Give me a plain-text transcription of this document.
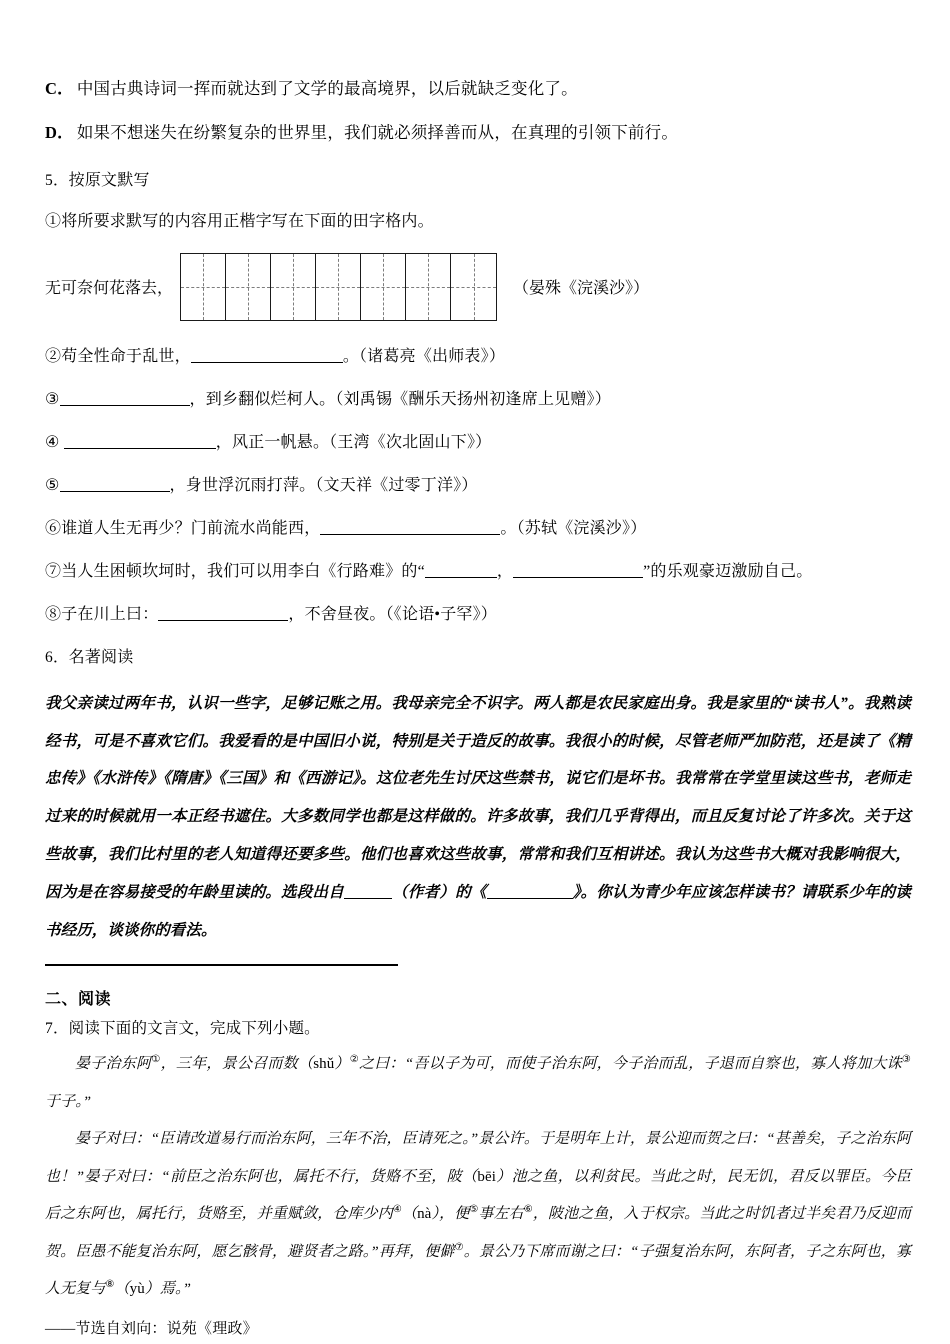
C． 中国古典诗词一挥而就达到了文学的最高境界，以后就缺乏变化了。
D． 如果不想迷失在纷繁复杂的世界里，我们就必须择善而从，在真理的引领下前行。
5．按原文默写
①将所要求默写的内容用正楷字写在下面的田字格内。
无可奈何花落去，	（晏殊《浣溪沙》）
②苟全性命于乱世，	。（诸葛亮《出师表》）
③	，到乡翻似烂柯人。（刘禹锡《酬乐天扬州初逢席上见赠》）
④	，风正一帆悬。（王湾《次北固山下》）
⑤	，身世浮沉雨打萍。（文天祥《过零丁洋》）
⑥谁道人生无再少？门前流水尚能西，	。（苏轼《浣溪沙》）
⑦当人生困顿坎坷时，我们可以用李白《行路难》的“	，	”的乐观豪迈激励自己。
⑧子在川上曰：	，不舍昼夜。（《论语•子罕》）
6．名著阅读

我父亲读过两年书，认识一些字，足够记账之用。我母亲完全不识字。两人都是农民家庭出身。我是家里的“读书人”。我熟读经书，可是不喜欢它们。我爱看的是中国旧小说，特别是关于造反的故事。我很小的时候，尽管老师严加防范，还是读了《精忠传》《水浒传》《隋唐》《三国》和《西游记》。这位老先生讨厌这些禁书，说它们是坏书。我常常在学堂里读这些书，老师走过来的时候就用一本正经书遮住。大多数同学也都是这样做的。许多故事，我们几乎背得出，而且反复讨论了许多次。关于这些故事，我们比村里的老人知道得还要多些。他们也喜欢这些故事，常常和我们互相讲述。我认为这些书大概对我影响很大，因为是在容易接受的年龄里读的。选段出自	（作者）的《	》。你认为青少年应该怎样读书？请联系少年的读书经历，谈谈你的看法。

二、阅读
7．阅读下面的文言文，完成下列小题。

晏子治东阿①，三年，景公召而数（shǔ）②之曰：“吾以子为可，而使子治东阿，今子治而乱，子退而自察也，寡人将加大诛③于子。”

晏子对曰：“臣请改道易行而治东阿，三年不治，臣请死之。”景公许。于是明年上计，景公迎而贺之曰：“甚善矣，子之治东阿也！”晏子对曰：“前臣之治东阿也，属托不行，货赂不至，陂（bēi）池之鱼，以利贫民。当此之时，民无饥，君反以罪臣。今臣后之东阿也，属托行，货赂至，并重赋敛，仓库少内④（nà），便⑤事左右⑥，陂池之鱼，入于权宗。当此之时饥者过半矣君乃反迎而贺。臣愚不能复治东阿，愿乞骸骨，避贤者之路。”再拜，便僻⑦。景公乃下席而谢之曰：“子强复治东阿，东阿者，子之东阿也，寡人无复与⑧（yù）焉。”

——节选自刘向：说苑《理政》
